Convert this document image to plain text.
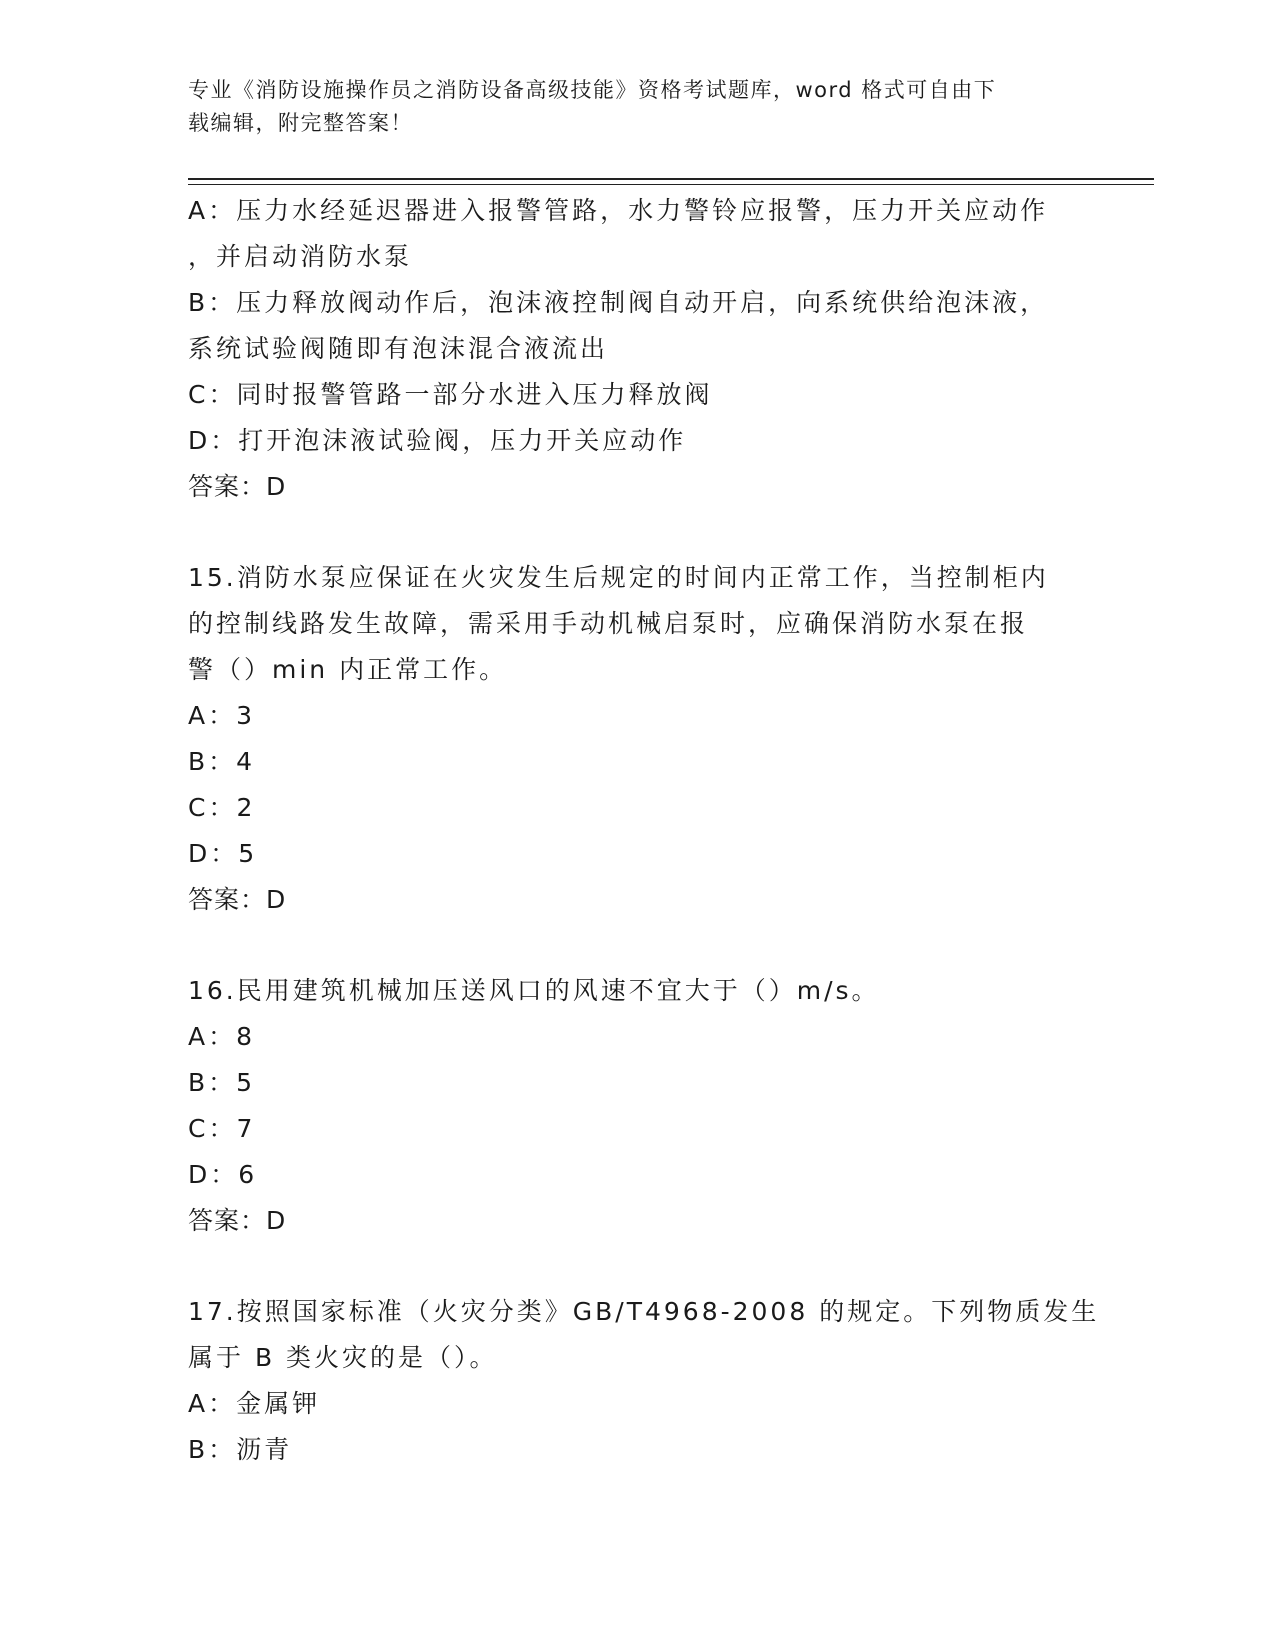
专业《消防设施操作员之消防设备高级技能》资格考试题库，word 格式可自由下
载编辑，附完整答案！
A：压力水经延迟器进入报警管路，水力警铃应报警，压力开关应动作
，并启动消防水泵
B：压力释放阀动作后，泡沫液控制阀自动开启，向系统供给泡沫液，
系统试验阀随即有泡沫混合液流出
C：同时报警管路一部分水进入压力释放阀
D：打开泡沫液试验阀，压力开关应动作
答案：D
15.消防水泵应保证在火灾发生后规定的时间内正常工作，当控制柜内
的控制线路发生故障，需采用手动机械启泵时，应确保消防水泵在报
警（）min 内正常工作。
A：3
B：4
C：2
D：5
答案：D
16.民用建筑机械加压送风口的风速不宜大于（）m/s。
A：8
B：5
C：7
D：6
答案：D
17.按照国家标准（火灾分类》GB/T4968-2008 的规定。下列物质发生
属于 B 类火灾的是（）。
A：金属钾
B：沥青
